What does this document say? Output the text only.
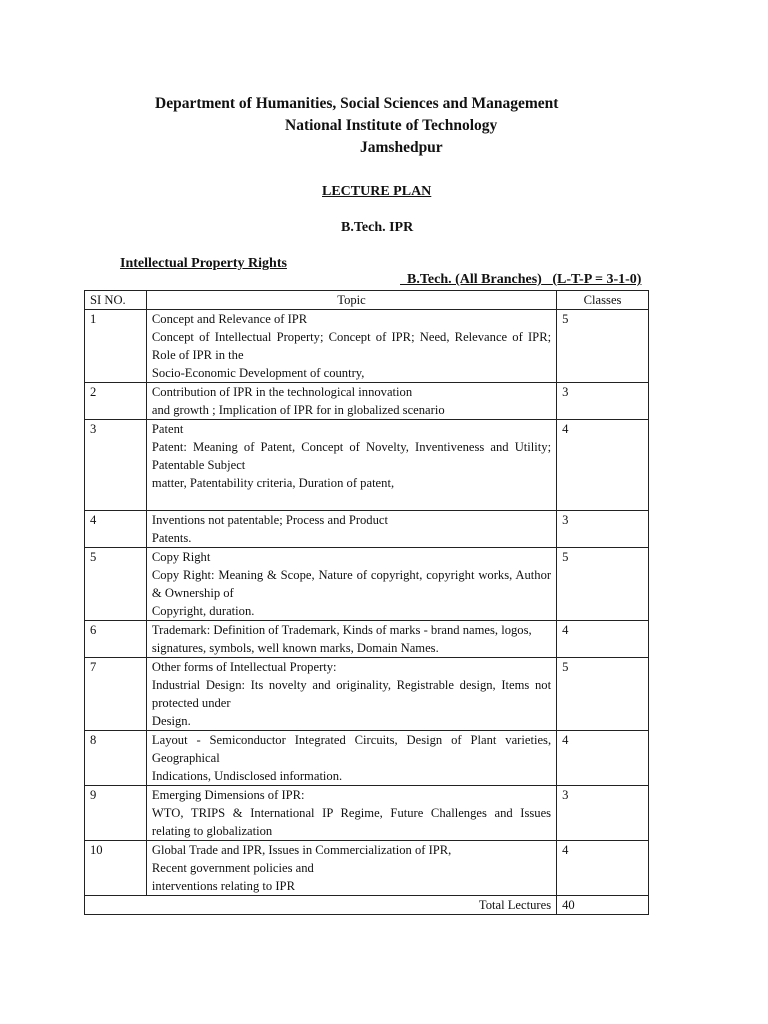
Department of Humanities, Social Sciences and Management
National Institute of Technology
Jamshedpur
LECTURE PLAN
B.Tech. IPR
Intellectual Property Rights

B.Tech. (All Branches) (L-T-P = 3-1-0)

SI NO.	Topic	Classes
1	Concept and Relevance of IPR
Concept of Intellectual Property; Concept of IPR; Need, Relevance of IPR; Role of IPR in the
Socio-Economic Development of country,	5
2	Contribution of IPR in the technological innovation
and growth ; Implication of IPR for in globalized scenario	3
3	Patent
Patent: Meaning of Patent, Concept of Novelty, Inventiveness and Utility; Patentable Subject
matter, Patentability criteria, Duration of patent,	4
4	Inventions not patentable; Process and Product
Patents.	3
5	Copy Right
Copy Right: Meaning & Scope, Nature of copyright, copyright works, Author & Ownership of
Copyright, duration.	5
6	Trademark: Definition of Trademark, Kinds of marks - brand names, logos,
signatures, symbols, well known marks, Domain Names.	4
7	Other forms of Intellectual Property:
Industrial Design: Its novelty and originality, Registrable design, Items not protected under
Design.	5
8	Layout - Semiconductor Integrated Circuits, Design of Plant varieties, Geographical
Indications, Undisclosed information.	4
9	Emerging Dimensions of IPR:
WTO, TRIPS & International IP Regime, Future Challenges and Issues relating to globalization	3
10	Global Trade and IPR, Issues in Commercialization of IPR,
Recent government policies and
interventions relating to IPR	4
Total Lectures		40
